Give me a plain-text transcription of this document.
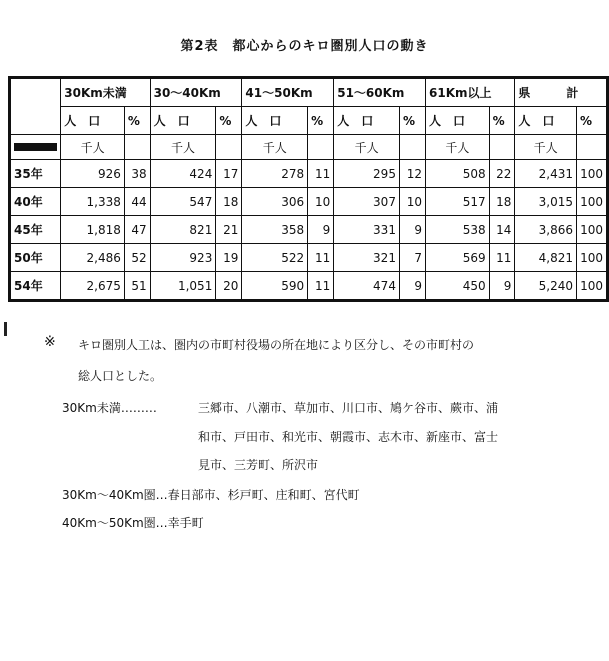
第2表　都心からのキロ圏別人口の動き
	30Km未満		30～40Km		41～50Km		51～60Km		61Km以上		県　　　計	
	人　口	%	人　口	%	人　口	%	人　口	%	人　口	%	人　口	%

	千人		千人		千人		千人		千人		千人	
35年	926	38	424	17	278	11	295	12	508	22	2,431	100
40年	1,338	44	547	18	306	10	307	10	517	18	3,015	100
45年	1,818	47	821	21	358	9	331	9	538	14	3,866	100
50年	2,486	52	923	19	522	11	321	7	569	11	4,821	100
54年	2,675	51	1,051	20	590	11	474	9	450	9	5,240	100
※ キロ圏別人工は、圏内の市町村役場の所在地により区分し、その市町村の
総人口とした。
30Km未満………	三郷市、八潮市、草加市、川口市、鳩ケ谷市、蕨市、浦
和市、戸田市、和光市、朝霞市、志木市、新座市、富士
見市、三芳町、所沢市
30Km～40Km圏…春日部市、杉戸町、庄和町、宮代町
40Km～50Km圏…幸手町
